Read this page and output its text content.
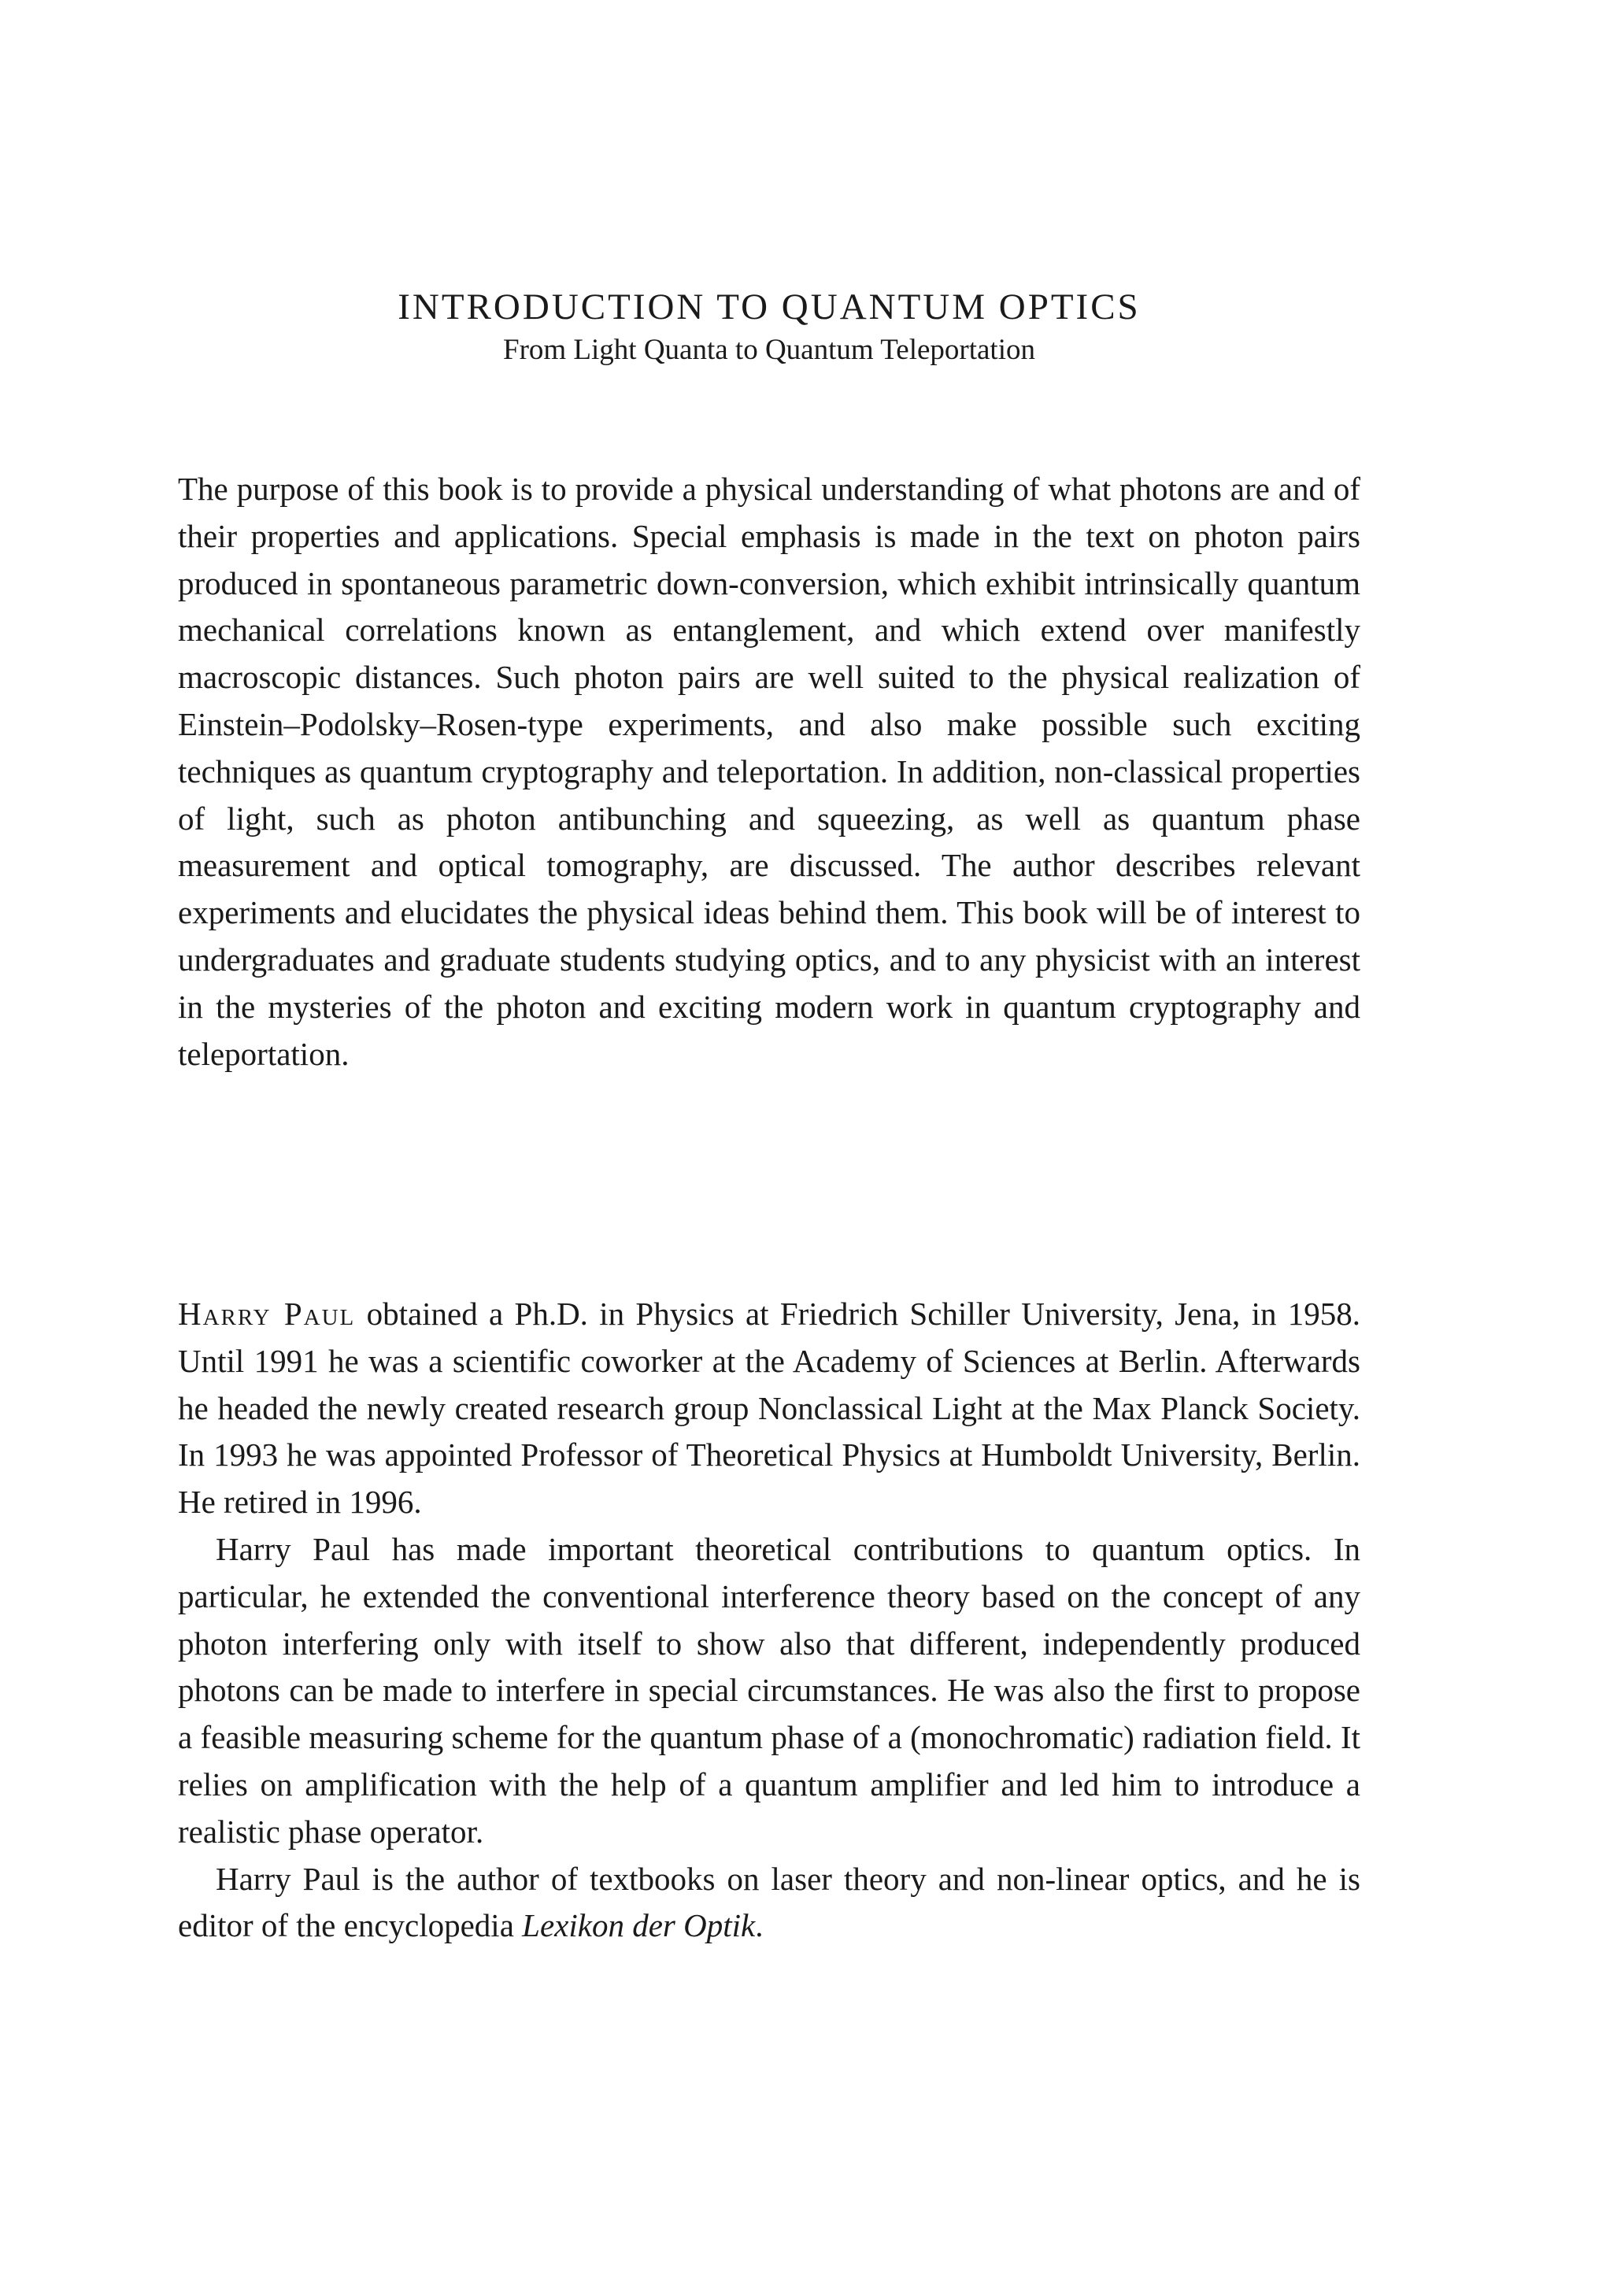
INTRODUCTION TO QUANTUM OPTICS

From Light Quanta to Quantum Teleportation

The purpose of this book is to provide a physical understanding of what photons are and of their properties and applications. Special emphasis is made in the text on photon pairs produced in spontaneous parametric down-conversion, which exhibit intrinsically quantum mechanical correlations known as entanglement, and which extend over manifestly macroscopic distances. Such photon pairs are well suited to the physical realization of Einstein–Podolsky–Rosen-type experiments, and also make possible such exciting techniques as quantum cryptography and teleportation. In addition, non-classical properties of light, such as photon antibunching and squeezing, as well as quantum phase measurement and optical tomography, are discussed. The author describes relevant experiments and elucidates the physical ideas behind them. This book will be of interest to undergraduates and graduate students studying optics, and to any physicist with an interest in the mysteries of the photon and exciting modern work in quantum cryptography and teleportation.

Harry Paul obtained a Ph.D. in Physics at Friedrich Schiller University, Jena, in 1958. Until 1991 he was a scientific coworker at the Academy of Sciences at Berlin. Afterwards he headed the newly created research group Nonclassical Light at the Max Planck Society. In 1993 he was appointed Professor of Theoretical Physics at Humboldt University, Berlin. He retired in 1996.

Harry Paul has made important theoretical contributions to quantum optics. In particular, he extended the conventional interference theory based on the concept of any photon interfering only with itself to show also that different, independently produced photons can be made to interfere in special circumstances. He was also the first to propose a feasible measuring scheme for the quantum phase of a (monochromatic) radiation field. It relies on amplification with the help of a quantum amplifier and led him to introduce a realistic phase operator.

Harry Paul is the author of textbooks on laser theory and non-linear optics, and he is editor of the encyclopedia Lexikon der Optik.
